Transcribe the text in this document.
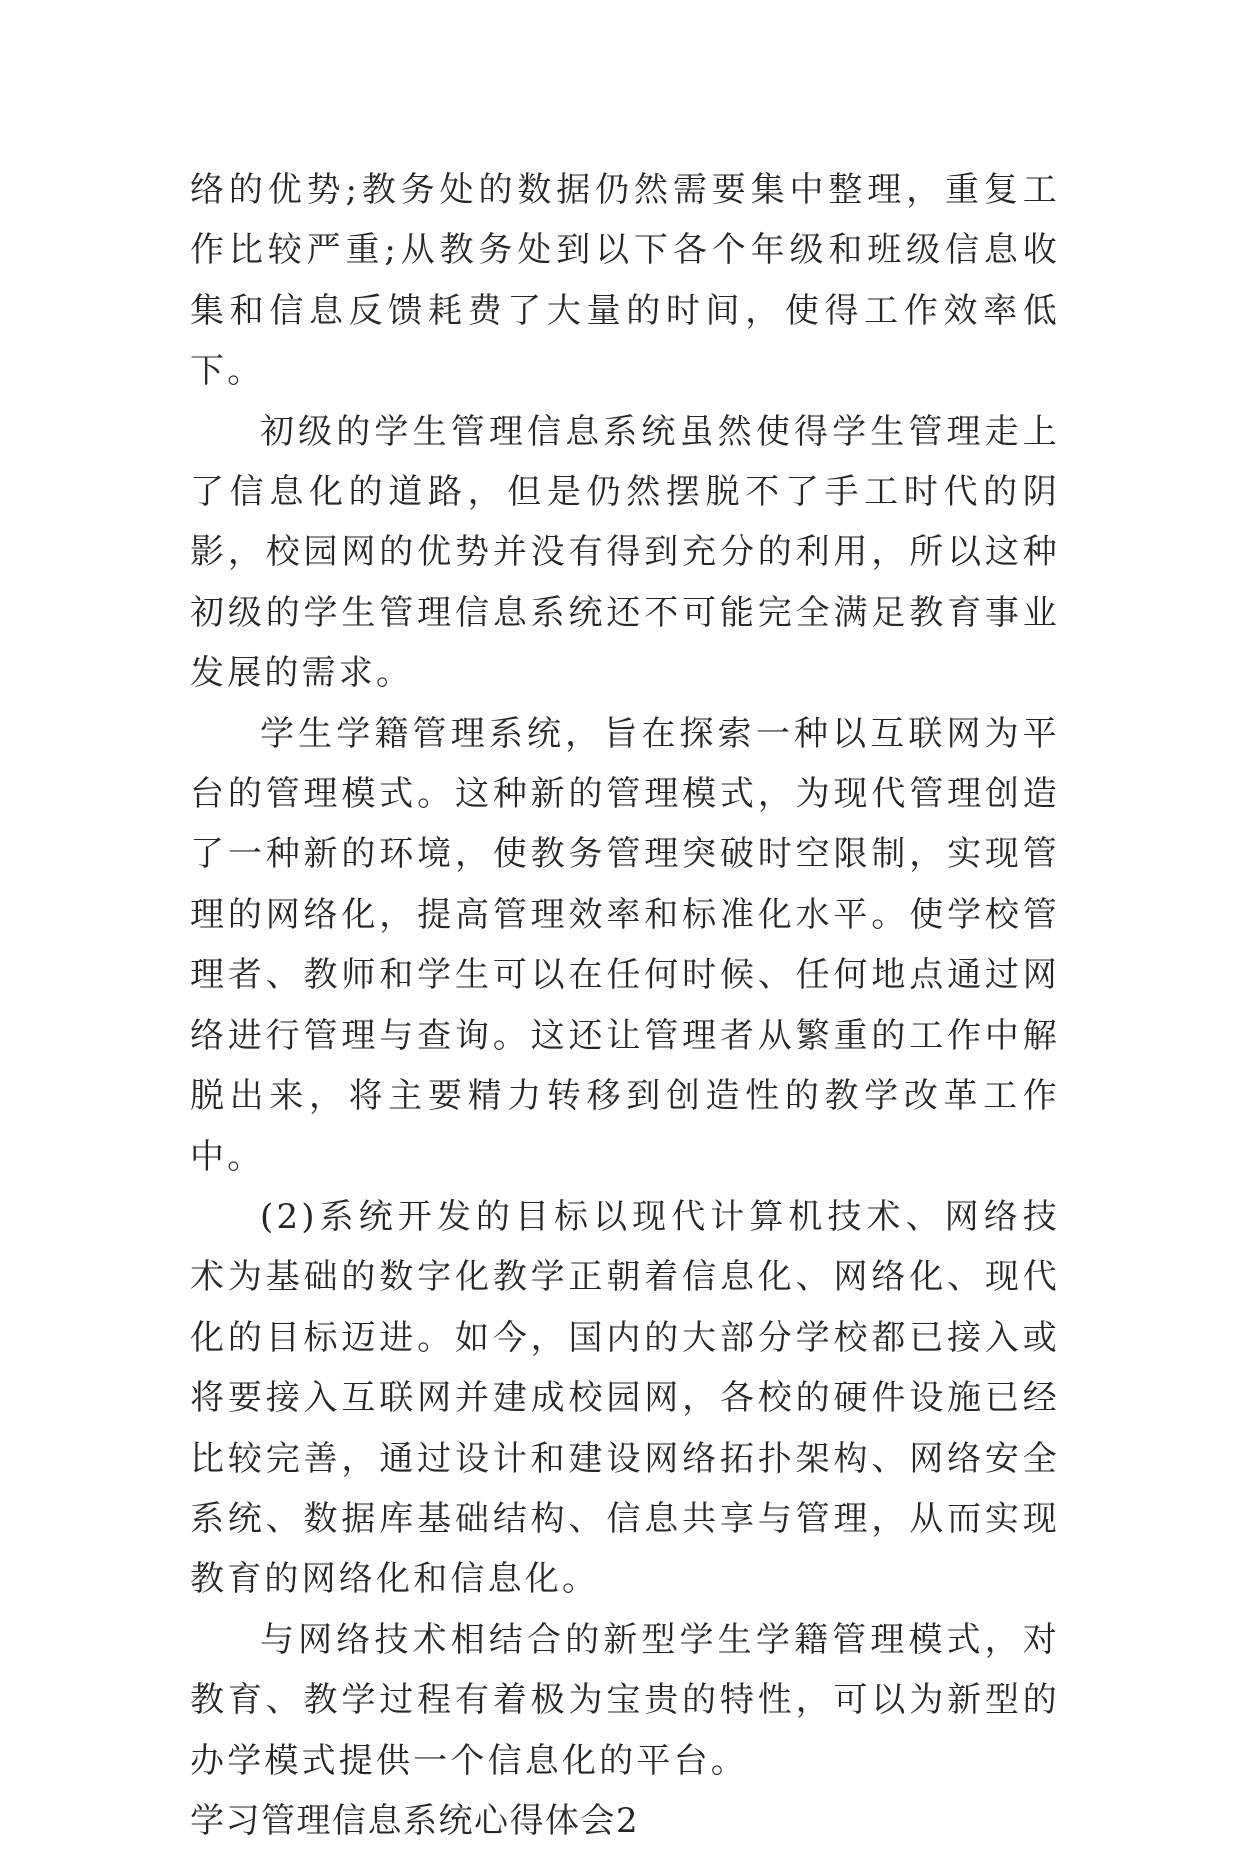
络的优势;教务处的数据仍然需要集中整理，重复工作比较严重;从教务处到以下各个年级和班级信息收集和信息反馈耗费了大量的时间，使得工作效率低下。

初级的学生管理信息系统虽然使得学生管理走上了信息化的道路，但是仍然摆脱不了手工时代的阴影，校园网的优势并没有得到充分的利用，所以这种初级的学生管理信息系统还不可能完全满足教育事业发展的需求。

学生学籍管理系统，旨在探索一种以互联网为平台的管理模式。这种新的管理模式，为现代管理创造了一种新的环境，使教务管理突破时空限制，实现管理的网络化，提高管理效率和标准化水平。使学校管理者、教师和学生可以在任何时候、任何地点通过网络进行管理与查询。这还让管理者从繁重的工作中解脱出来，将主要精力转移到创造性的教学改革工作中。

(2)系统开发的目标以现代计算机技术、网络技术为基础的数字化教学正朝着信息化、网络化、现代化的目标迈进。如今，国内的大部分学校都已接入或将要接入互联网并建成校园网，各校的硬件设施已经比较完善，通过设计和建设网络拓扑架构、网络安全系统、数据库基础结构、信息共享与管理，从而实现教育的网络化和信息化。

与网络技术相结合的新型学生学籍管理模式，对教育、教学过程有着极为宝贵的特性，可以为新型的办学模式提供一个信息化的平台。

学习管理信息系统心得体会2
